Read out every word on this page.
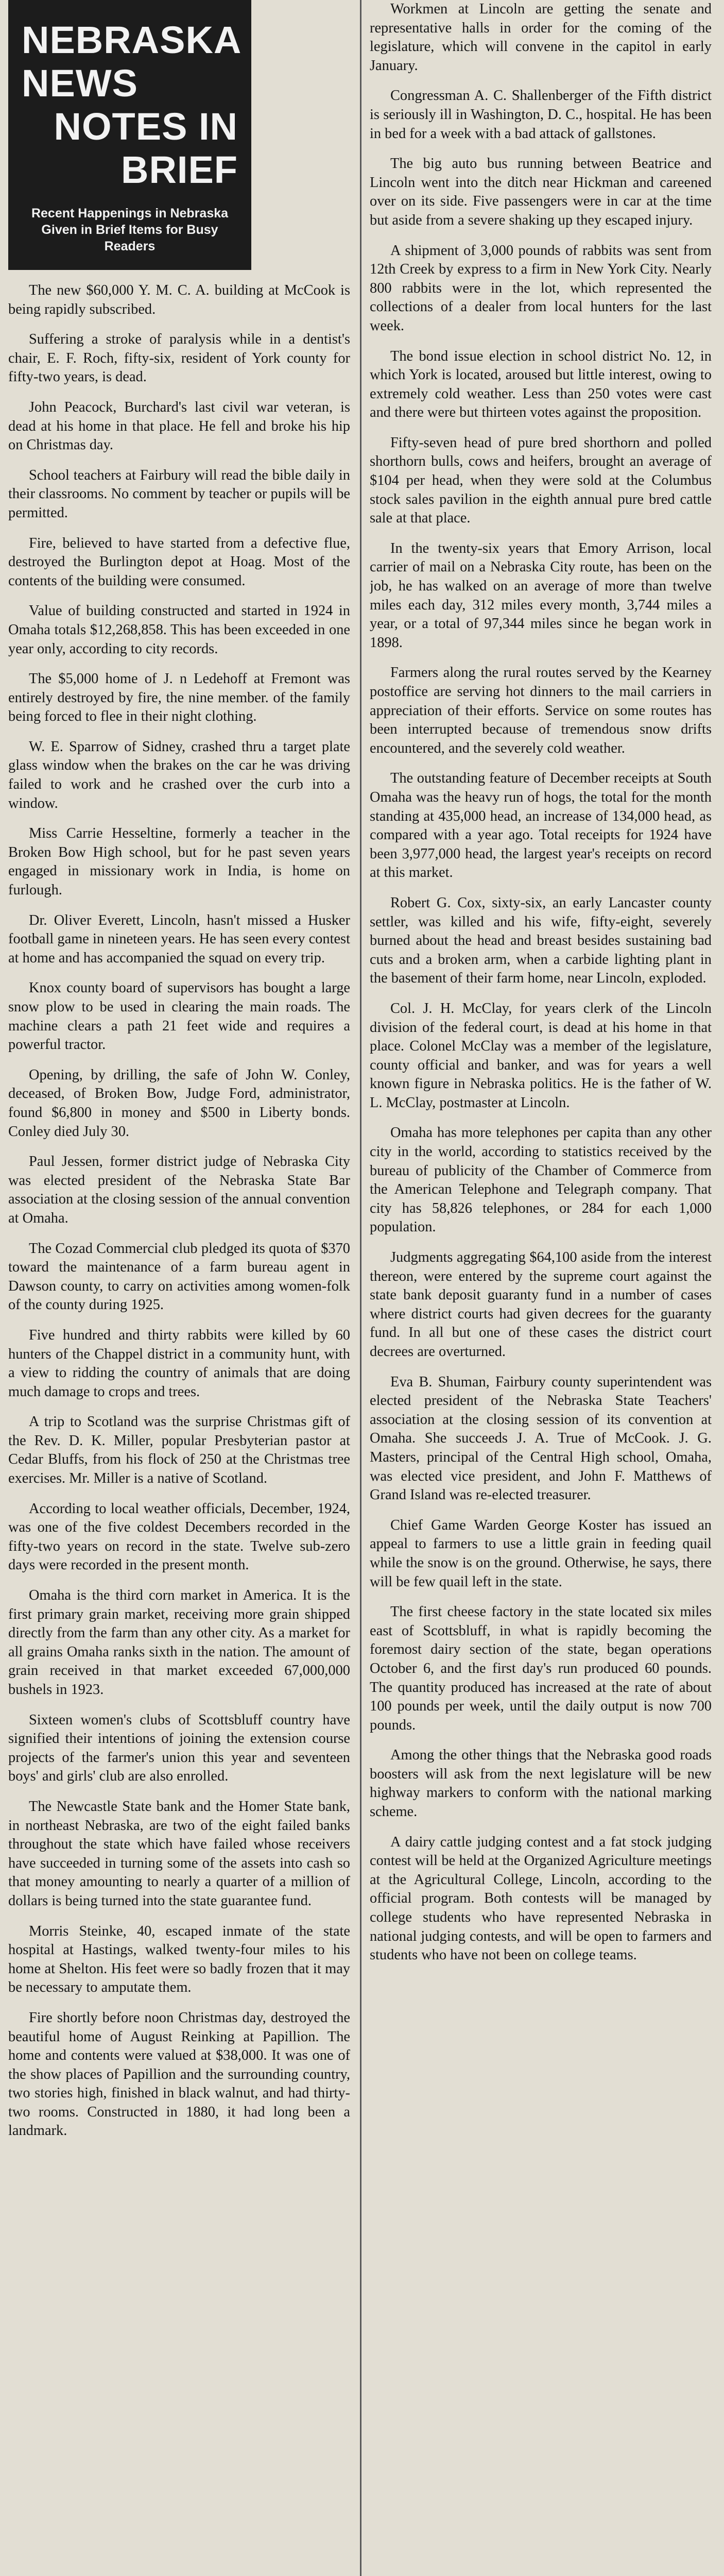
NEBRASKA NEWS
NOTES IN BRIEF
Recent Happenings in Nebraska Given in Brief Items for Busy Readers

The new $60,000 Y. M. C. A. building at McCook is being rapidly subscribed.

Suffering a stroke of paralysis while in a dentist's chair, E. F. Roch, fifty-six, resident of York county for fifty-two years, is dead.

John Peacock, Burchard's last civil war veteran, is dead at his home in that place. He fell and broke his hip on Christmas day.

School teachers at Fairbury will read the bible daily in their classrooms. No comment by teacher or pupils will be permitted.

Fire, believed to have started from a defective flue, destroyed the Burlington depot at Hoag. Most of the contents of the building were consumed.

Value of building constructed and started in 1924 in Omaha totals $12,268,858. This has been exceeded in one year only, according to city records.

The $5,000 home of J. n Ledehoff at Fremont was entirely destroyed by fire, the nine member. of the family being forced to flee in their night clothing.

W. E. Sparrow of Sidney, crashed thru a target plate glass window when the brakes on the car he was driving failed to work and he crashed over the curb into a window.

Miss Carrie Hesseltine, formerly a teacher in the Broken Bow High school, but for he past seven years engaged in missionary work in India, is home on furlough.

Dr. Oliver Everett, Lincoln, hasn't missed a Husker football game in nineteen years. He has seen every contest at home and has accompanied the squad on every trip.

Knox county board of supervisors has bought a large snow plow to be used in clearing the main roads. The machine clears a path 21 feet wide and requires a powerful tractor.

Opening, by drilling, the safe of John W. Conley, deceased, of Broken Bow, Judge Ford, administrator, found $6,800 in money and $500 in Liberty bonds. Conley died July 30.

Paul Jessen, former district judge of Nebraska City was elected president of the Nebraska State Bar association at the closing session of the annual convention at Omaha.

The Cozad Commercial club pledged its quota of $370 toward the maintenance of a farm bureau agent in Dawson county, to carry on activities among women-folk of the county during 1925.

Five hundred and thirty rabbits were killed by 60 hunters of the Chappel district in a community hunt, with a view to ridding the country of animals that are doing much damage to crops and trees.

A trip to Scotland was the surprise Christmas gift of the Rev. D. K. Miller, popular Presbyterian pastor at Cedar Bluffs, from his flock of 250 at the Christmas tree exercises. Mr. Miller is a native of Scotland.

According to local weather officials, December, 1924, was one of the five coldest Decembers recorded in the fifty-two years on record in the state. Twelve sub-zero days were recorded in the present month.

Omaha is the third corn market in America. It is the first primary grain market, receiving more grain shipped directly from the farm than any other city. As a market for all grains Omaha ranks sixth in the nation. The amount of grain received in that market exceeded 67,000,000 bushels in 1923.

Sixteen women's clubs of Scottsbluff country have signified their intentions of joining the extension course projects of the farmer's union this year and seventeen boys' and girls' club are also enrolled.

The Newcastle State bank and the Homer State bank, in northeast Nebraska, are two of the eight failed banks throughout the state which have failed whose receivers have succeeded in turning some of the assets into cash so that money amounting to nearly a quarter of a million of dollars is being turned into the state guarantee fund.

Morris Steinke, 40, escaped inmate of the state hospital at Hastings, walked twenty-four miles to his home at Shelton. His feet were so badly frozen that it may be necessary to amputate them.

Fire shortly before noon Christmas day, destroyed the beautiful home of August Reinking at Papillion. The home and contents were valued at $38,000. It was one of the show places of Papillion and the surrounding country, two stories high, finished in black walnut, and had thirty-two rooms. Constructed in 1880, it had long been a landmark.

Workmen at Lincoln are getting the senate and representative halls in order for the coming of the legislature, which will convene in the capitol in early January.

Congressman A. C. Shallenberger of the Fifth district is seriously ill in Washington, D. C., hospital. He has been in bed for a week with a bad attack of gallstones.

The big auto bus running between Beatrice and Lincoln went into the ditch near Hickman and careened over on its side. Five passengers were in car at the time but aside from a severe shaking up they escaped injury.

A shipment of 3,000 pounds of rabbits was sent from 12th Creek by express to a firm in New York City. Nearly 800 rabbits were in the lot, which represented the collections of a dealer from local hunters for the last week.

The bond issue election in school district No. 12, in which York is located, aroused but little interest, owing to extremely cold weather. Less than 250 votes were cast and there were but thirteen votes against the proposition.

Fifty-seven head of pure bred shorthorn and polled shorthorn bulls, cows and heifers, brought an average of $104 per head, when they were sold at the Columbus stock sales pavilion in the eighth annual pure bred cattle sale at that place.

In the twenty-six years that Emory Arrison, local carrier of mail on a Nebraska City route, has been on the job, he has walked on an average of more than twelve miles each day, 312 miles every month, 3,744 miles a year, or a total of 97,344 miles since he began work in 1898.

Farmers along the rural routes served by the Kearney postoffice are serving hot dinners to the mail carriers in appreciation of their efforts. Service on some routes has been interrupted because of tremendous snow drifts encountered, and the severely cold weather.

The outstanding feature of December receipts at South Omaha was the heavy run of hogs, the total for the month standing at 435,000 head, an increase of 134,000 head, as compared with a year ago. Total receipts for 1924 have been 3,977,000 head, the largest year's receipts on record at this market.

Robert G. Cox, sixty-six, an early Lancaster county settler, was killed and his wife, fifty-eight, severely burned about the head and breast besides sustaining bad cuts and a broken arm, when a carbide lighting plant in the basement of their farm home, near Lincoln, exploded.

Col. J. H. McClay, for years clerk of the Lincoln division of the federal court, is dead at his home in that place. Colonel McClay was a member of the legislature, county official and banker, and was for years a well known figure in Nebraska politics. He is the father of W. L. McClay, postmaster at Lincoln.

Omaha has more telephones per capita than any other city in the world, according to statistics received by the bureau of publicity of the Chamber of Commerce from the American Telephone and Telegraph company. That city has 58,826 telephones, or 284 for each 1,000 population.

Judgments aggregating $64,100 aside from the interest thereon, were entered by the supreme court against the state bank deposit guaranty fund in a number of cases where district courts had given decrees for the guaranty fund. In all but one of these cases the district court decrees are overturned.

Eva B. Shuman, Fairbury county superintendent was elected president of the Nebraska State Teachers' association at the closing session of its convention at Omaha. She succeeds J. A. True of McCook. J. G. Masters, principal of the Central High school, Omaha, was elected vice president, and John F. Matthews of Grand Island was re-elected treasurer.

Chief Game Warden George Koster has issued an appeal to farmers to use a little grain in feeding quail while the snow is on the ground. Otherwise, he says, there will be few quail left in the state.

The first cheese factory in the state located six miles east of Scottsbluff, in what is rapidly becoming the foremost dairy section of the state, began operations October 6, and the first day's run produced 60 pounds. The quantity produced has increased at the rate of about 100 pounds per week, until the daily output is now 700 pounds.

Among the other things that the Nebraska good roads boosters will ask from the next legislature will be new highway markers to conform with the national marking scheme.

A dairy cattle judging contest and a fat stock judging contest will be held at the Organized Agriculture meetings at the Agricultural College, Lincoln, according to the official program. Both contests will be managed by college students who have represented Nebraska in national judging contests, and will be open to farmers and students who have not been on college teams.
